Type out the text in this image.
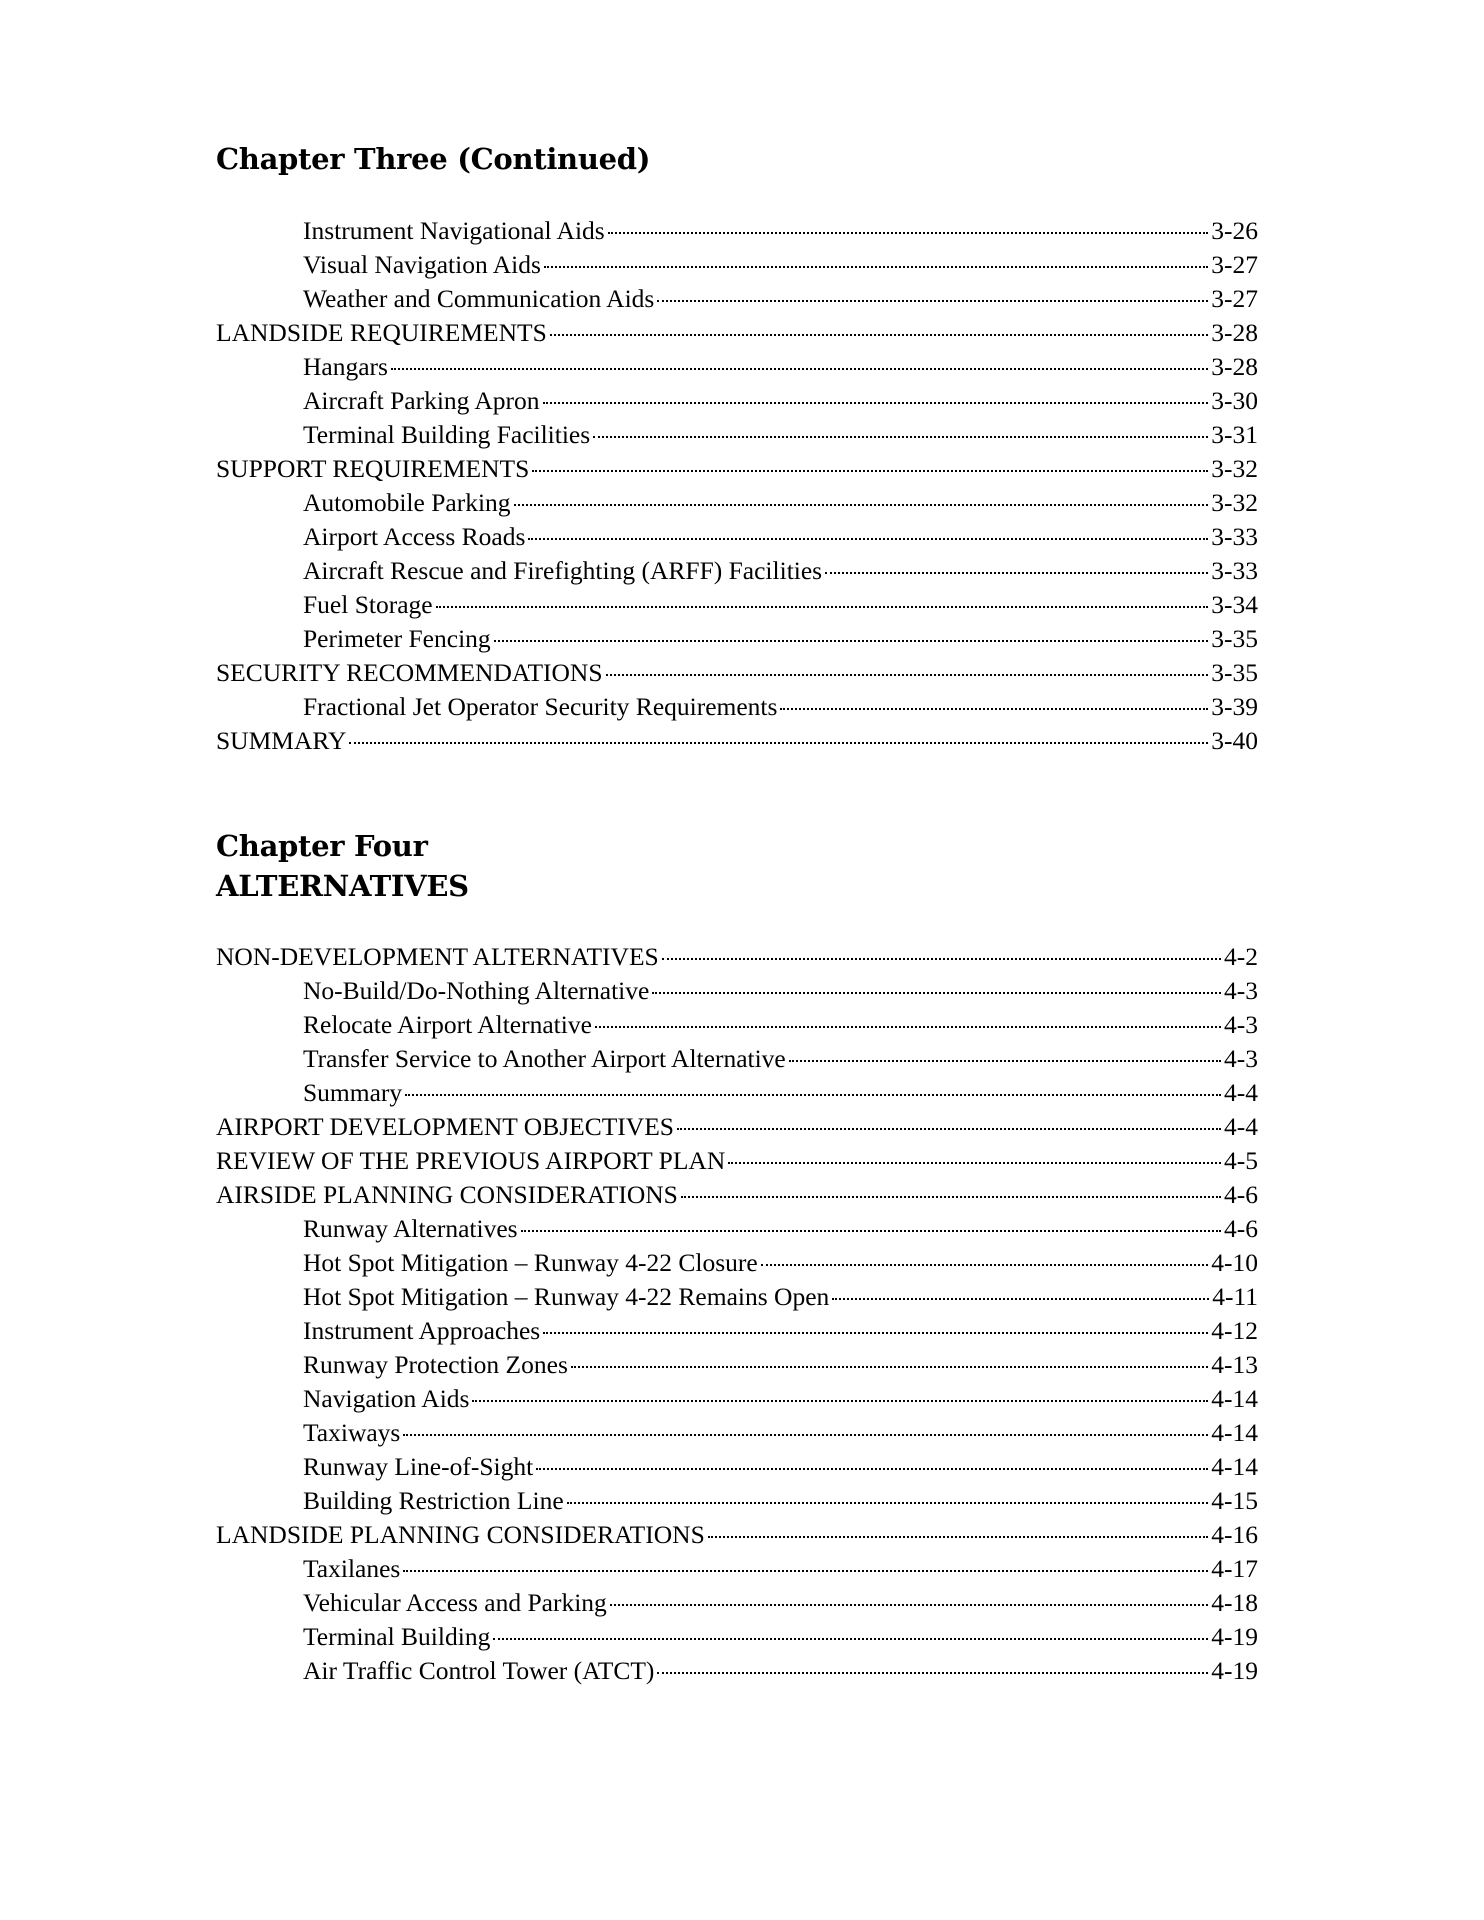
Chapter Three (Continued)
Instrument Navigational Aids	3-26
Visual Navigation Aids	3-27
Weather and Communication Aids	3-27
LANDSIDE REQUIREMENTS	3-28
Hangars	3-28
Aircraft Parking Apron	3-30
Terminal Building Facilities	3-31
SUPPORT REQUIREMENTS	3-32
Automobile Parking	3-32
Airport Access Roads	3-33
Aircraft Rescue and Firefighting (ARFF) Facilities	3-33
Fuel Storage	3-34
Perimeter Fencing	3-35
SECURITY RECOMMENDATIONS	3-35
Fractional Jet Operator Security Requirements	3-39
SUMMARY	3-40
Chapter Four
ALTERNATIVES
NON-DEVELOPMENT ALTERNATIVES	4-2
No-Build/Do-Nothing Alternative	4-3
Relocate Airport Alternative	4-3
Transfer Service to Another Airport Alternative	4-3
Summary	4-4
AIRPORT DEVELOPMENT OBJECTIVES	4-4
REVIEW OF THE PREVIOUS AIRPORT PLAN	4-5
AIRSIDE PLANNING CONSIDERATIONS	4-6
Runway Alternatives	4-6
Hot Spot Mitigation – Runway 4-22 Closure	4-10
Hot Spot Mitigation – Runway 4-22 Remains Open	4-11
Instrument Approaches	4-12
Runway Protection Zones	4-13
Navigation Aids	4-14
Taxiways	4-14
Runway Line-of-Sight	4-14
Building Restriction Line	4-15
LANDSIDE PLANNING CONSIDERATIONS	4-16
Taxilanes	4-17
Vehicular Access and Parking	4-18
Terminal Building	4-19
Air Traffic Control Tower (ATCT)	4-19
